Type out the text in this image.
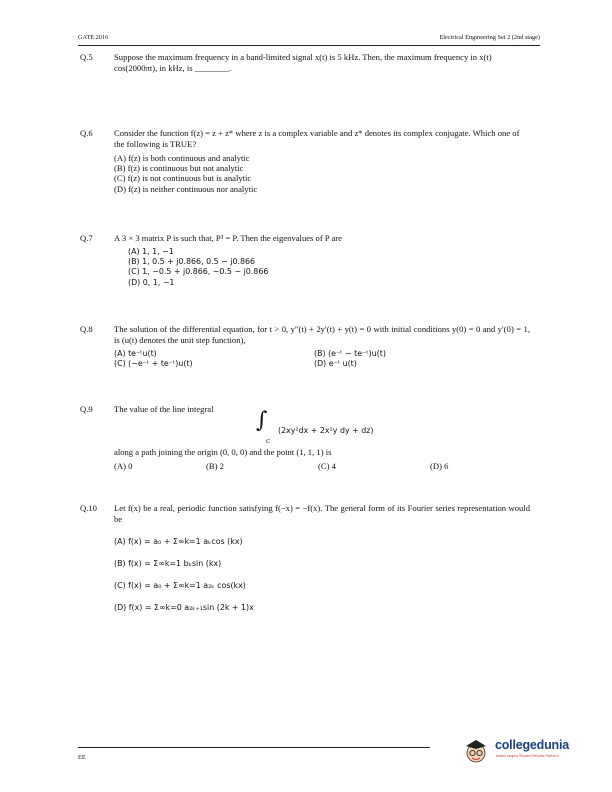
GATE 2016	Electrical Engineering Set 2 (2nd stage)
Q.5	Suppose the maximum frequency in a band-limited signal x(t) is 5 kHz. Then, the maximum frequency in x(t) cos(2000πt), in kHz, is ________.
Q.6	Consider the function f(z) = z + z* where z is a complex variable and z* denotes its complex conjugate. Which one of the following is TRUE?
(A) f(z) is both continuous and analytic
(B) f(z) is continuous but not analytic
(C) f(z) is not continuous but is analytic
(D) f(z) is neither continuous nor analytic
Q.7	A 3 × 3 matrix P is such that, P³ = P. Then the eigenvalues of P are
(A) 1, 1, −1
(B) 1, 0.5 + j0.866, 0.5 − j0.866
(C) 1, −0.5 + j0.866, −0.5 − j0.866
(D) 0, 1, −1
Q.8	The solution of the differential equation, for t > 0, y″(t) + 2y′(t) + y(t) = 0 with initial conditions y(0) = 0 and y′(0) = 1, is (u(t) denotes the unit step function),
(A) te⁻ᵗu(t)	(B) (e⁻ᵗ − te⁻ᵗ)u(t)
(C) (−e⁻ᵗ + te⁻ᵗ)u(t)	(D) e⁻ᵗ u(t)
Q.9	The value of the line integral	∫
C
(2xy²dx + 2x²y dy + dz)
along a path joining the origin (0, 0, 0) and the point (1, 1, 1) is
(A) 0	(B) 2	(C) 4	(D) 6
Q.10	Let f(x) be a real, periodic function satisfying f(−x) = −f(x). The general form of its Fourier series representation would be
(A) f(x) = a₀ + Σ∞k=1 aₖcos (kx)
(B) f(x) = Σ∞k=1 bₖsin (kx)
(C) f(x) = a₀ + Σ∞k=1 a₂ₖ cos(kx)
(D) f(x) = Σ∞k=0 a₂ₖ₊₁sin (2k + 1)x
EE
collegedunia
India's largest Student Review Platform
